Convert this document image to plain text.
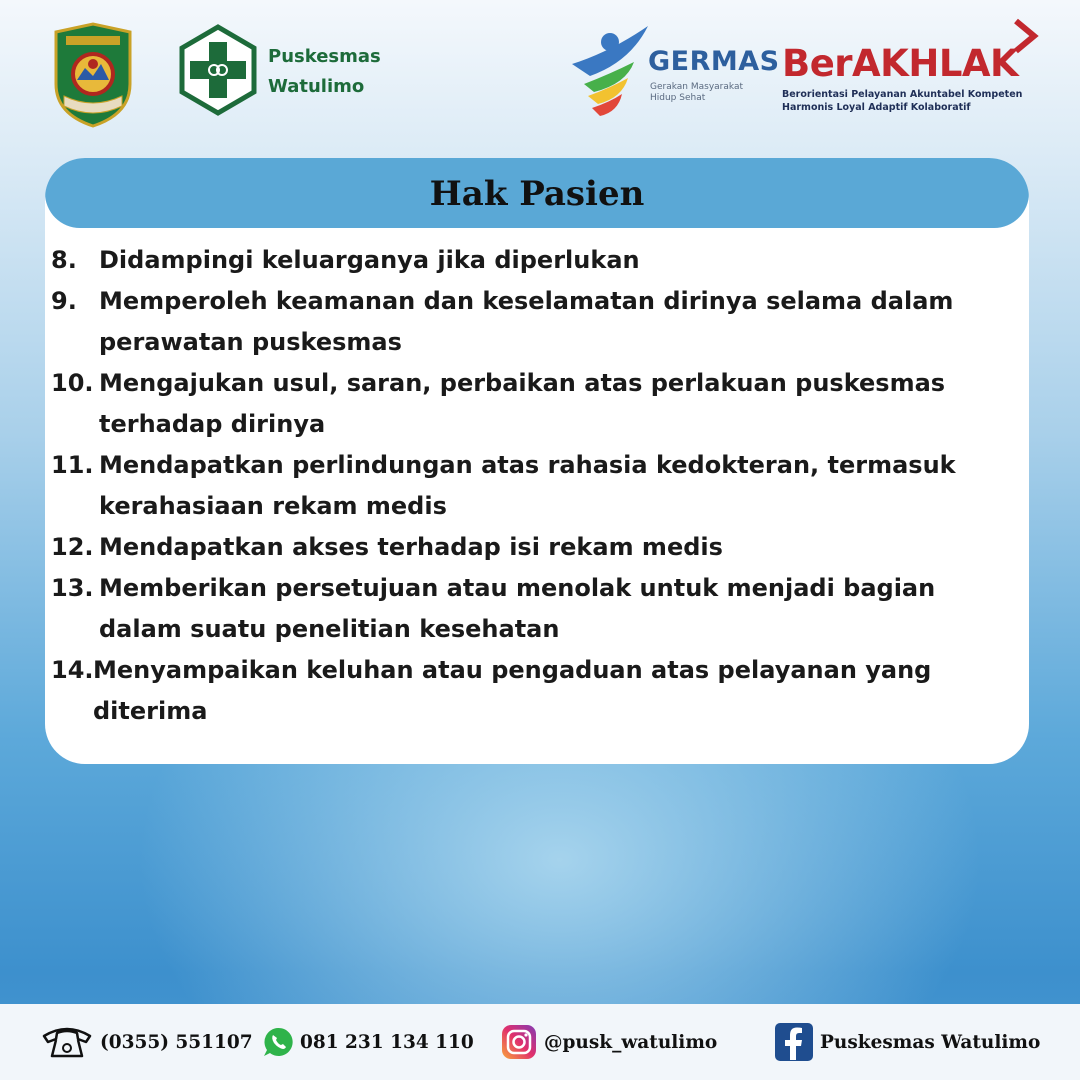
Puskesmas
Watulimo
GERMAS
Gerakan Masyarakat
Hidup Sehat
BerAKHLAK
Berorientasi Pelayanan Akuntabel Kompeten
Harmonis Loyal Adaptif Kolaboratif
Hak Pasien
8. Didampingi keluarganya jika diperlukan
9. Memperoleh keamanan dan keselamatan dirinya selama dalam perawatan puskesmas
10. Mengajukan usul, saran, perbaikan atas perlakuan puskesmas terhadap dirinya
11. Mendapatkan perlindungan atas rahasia kedokteran, termasuk kerahasiaan rekam medis
12. Mendapatkan akses terhadap isi rekam medis
13. Memberikan persetujuan atau menolak untuk menjadi bagian dalam suatu penelitian kesehatan
14. Menyampaikan keluhan atau pengaduan atas pelayanan yang diterima
(0355) 551107	081 231 134 110	@pusk_watulimo	Puskesmas Watulimo
